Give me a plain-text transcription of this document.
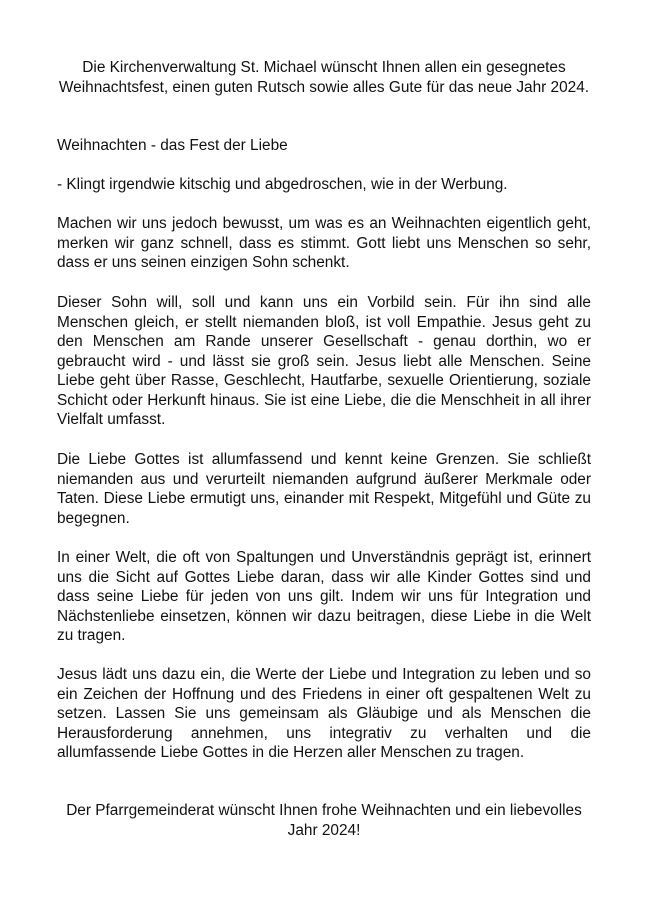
Die Kirchenverwaltung St. Michael wünscht Ihnen allen ein gesegnetes Weihnachtsfest, einen guten Rutsch sowie alles Gute für das neue Jahr 2024.

Weihnachten - das Fest der Liebe

- Klingt irgendwie kitschig und abgedroschen, wie in der Werbung.

Machen wir uns jedoch bewusst, um was es an Weihnachten eigentlich geht, merken wir ganz schnell, dass es stimmt. Gott liebt uns Menschen so sehr, dass er uns seinen einzigen Sohn schenkt.

Dieser Sohn will, soll und kann uns ein Vorbild sein. Für ihn sind alle Menschen gleich, er stellt niemanden bloß, ist voll Empathie. Jesus geht zu den Menschen am Rande unserer Gesellschaft - genau dorthin, wo er gebraucht wird - und lässt sie groß sein. Jesus liebt alle Menschen. Seine Liebe geht über Rasse, Geschlecht, Hautfarbe, sexuelle Orientierung, soziale Schicht oder Herkunft hinaus. Sie ist eine Liebe, die die Menschheit in all ihrer Vielfalt umfasst.

Die Liebe Gottes ist allumfassend und kennt keine Grenzen. Sie schließt niemanden aus und verurteilt niemanden aufgrund äußerer Merkmale oder Taten. Diese Liebe ermutigt uns, einander mit Respekt, Mitgefühl und Güte zu begegnen.

In einer Welt, die oft von Spaltungen und Unverständnis geprägt ist, erinnert uns die Sicht auf Gottes Liebe daran, dass wir alle Kinder Gottes sind und dass seine Liebe für jeden von uns gilt. Indem wir uns für Integration und Nächstenliebe einsetzen, können wir dazu beitragen, diese Liebe in die Welt zu tragen.

Jesus lädt uns dazu ein, die Werte der Liebe und Integration zu leben und so ein Zeichen der Hoffnung und des Friedens in einer oft gespaltenen Welt zu setzen. Lassen Sie uns gemeinsam als Gläubige und als Menschen die Herausforderung annehmen, uns integrativ zu verhalten und die allumfassende Liebe Gottes in die Herzen aller Menschen zu tragen.

Der Pfarrgemeinderat wünscht Ihnen frohe Weihnachten und ein liebevolles Jahr 2024!
